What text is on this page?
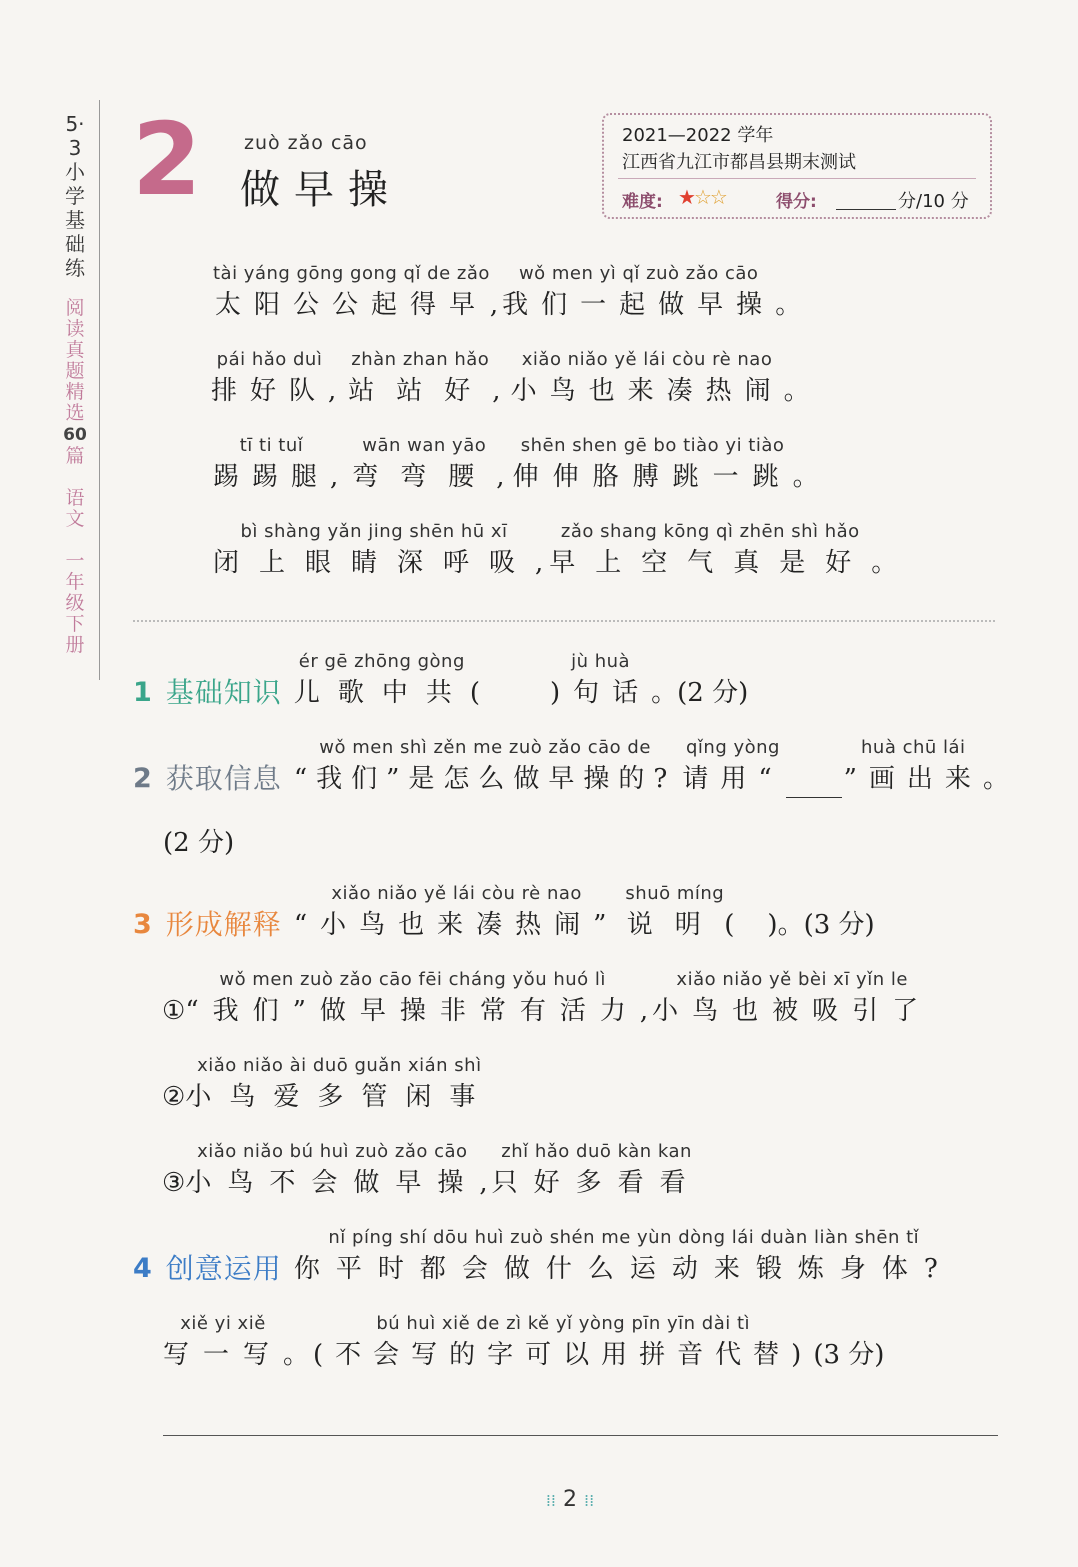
5·3小学基础练
阅读真题精选
60
篇

语文

一年级下册
2 zuò zǎo cāo
做早操
2021—2022 学年
江西省九江市都昌县期末测试
难度: ★☆☆	得分:	分/10 分
tài yáng gōng gong qǐ de zǎo
太阳公公起得早 ,
wǒ men yì qǐ zuò zǎo cāo
我们一起做早操 。
pái hǎo duì
排好队 ,
zhàn zhan hǎo
站站好 ,
xiǎo niǎo yě lái còu rè nao
小鸟也来凑热闹 。
tī ti tuǐ
踢踢腿 ,
wān wan yāo
弯弯腰 ,
shēn shen gē bo tiào yi tiào
伸伸胳膊跳一跳 。
bì shàng yǎn jing shēn hū xī
闭上眼睛深呼吸 ,
zǎo shang kōng qì zhēn shì hǎo
早上空气真是好 。
1 基础知识
ér gē zhōng gòng
儿歌中共 (
jù huà
)句话 。(2 分)
2 获取信息
wǒ men shì zěn me zuò zǎo cāo de
“我们”是怎么做早操的?
qǐng yòng
请用“
huà chū lái
”画出来 。
(2 分)
3 形成解释
xiǎo niǎo yě lái còu rè nao
“小鸟也来凑热闹”
shuō míng
说明 (    )。(3 分)
①
wǒ men zuò zǎo cāo fēi cháng yǒu huó lì
“我们”做早操非常有活力 ,
xiǎo niǎo yě bèi xī yǐn le
小鸟也被吸引了
②
xiǎo niǎo ài duō guǎn xián shì
小鸟爱多管闲事
③
xiǎo niǎo bú huì zuò zǎo cāo
小鸟不会做早操 ,
zhǐ hǎo duō kàn kan
只好多看看
4 创意运用
nǐ píng shí dōu huì zuò shén me yùn dòng lái duàn liàn shēn tǐ
你平时都会做什么运动来锻炼身体?
xiě yi xiě
写一写 。
bú huì xiě de zì kě yǐ yòng pīn yīn dài tì
(不会写的字可以用拼音代替) (3 分)
⁞⁞ 2 ⁞⁞
